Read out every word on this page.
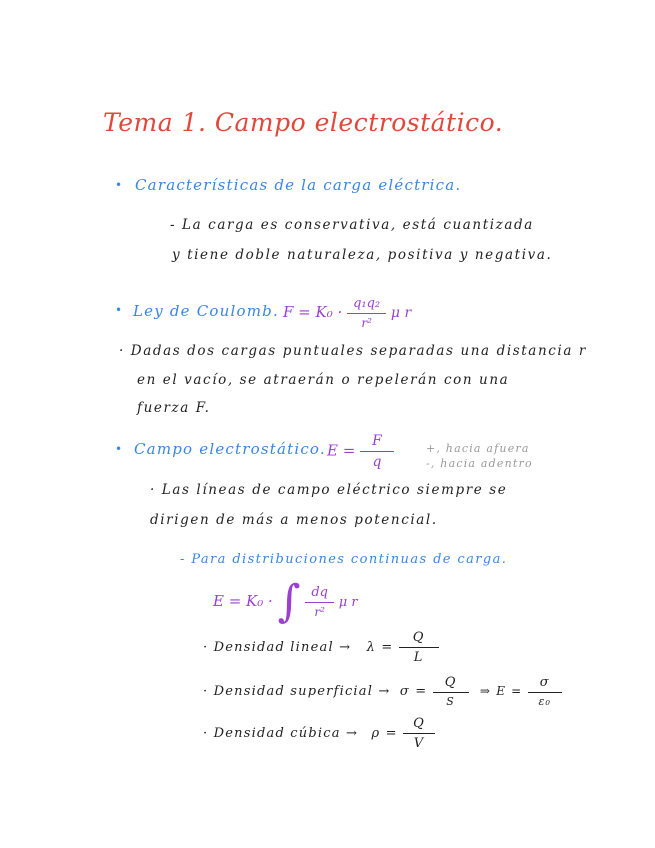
Tema 1. Campo electrostático.
• Características de la carga eléctrica.
- La carga es conservativa, está cuantizada
y tiene doble naturaleza, positiva y negativa.
• Ley de Coulomb. $F = K_0 \cdot \frac{\text{q₁q₂}}{\text{r²}}$ μ r
· Dadas dos cargas puntuales separadas una distancia r
en el vacío, se atraerán o repelerán con una
fuerza F.
• Campo electrostático. $E = \frac{F}{q}$	+, hacia afuera
-, hacia adentro
· Las líneas de campo eléctrico siempre se
dirigen de más a menos potencial.
- Para distribuciones continuas de carga.
E = K₀ · ∫ $\frac{dq}{\text{r²}}$ μ r
· Densidad lineal → $\lambda = \frac{Q}{L}$
· Densidad superficial → $\sigma = \frac{Q}{S}$ ⇒ $E = \frac{\sigma}{\text{ε₀}}$
· Densidad cúbica → $\rho = \frac{Q}{V}$
